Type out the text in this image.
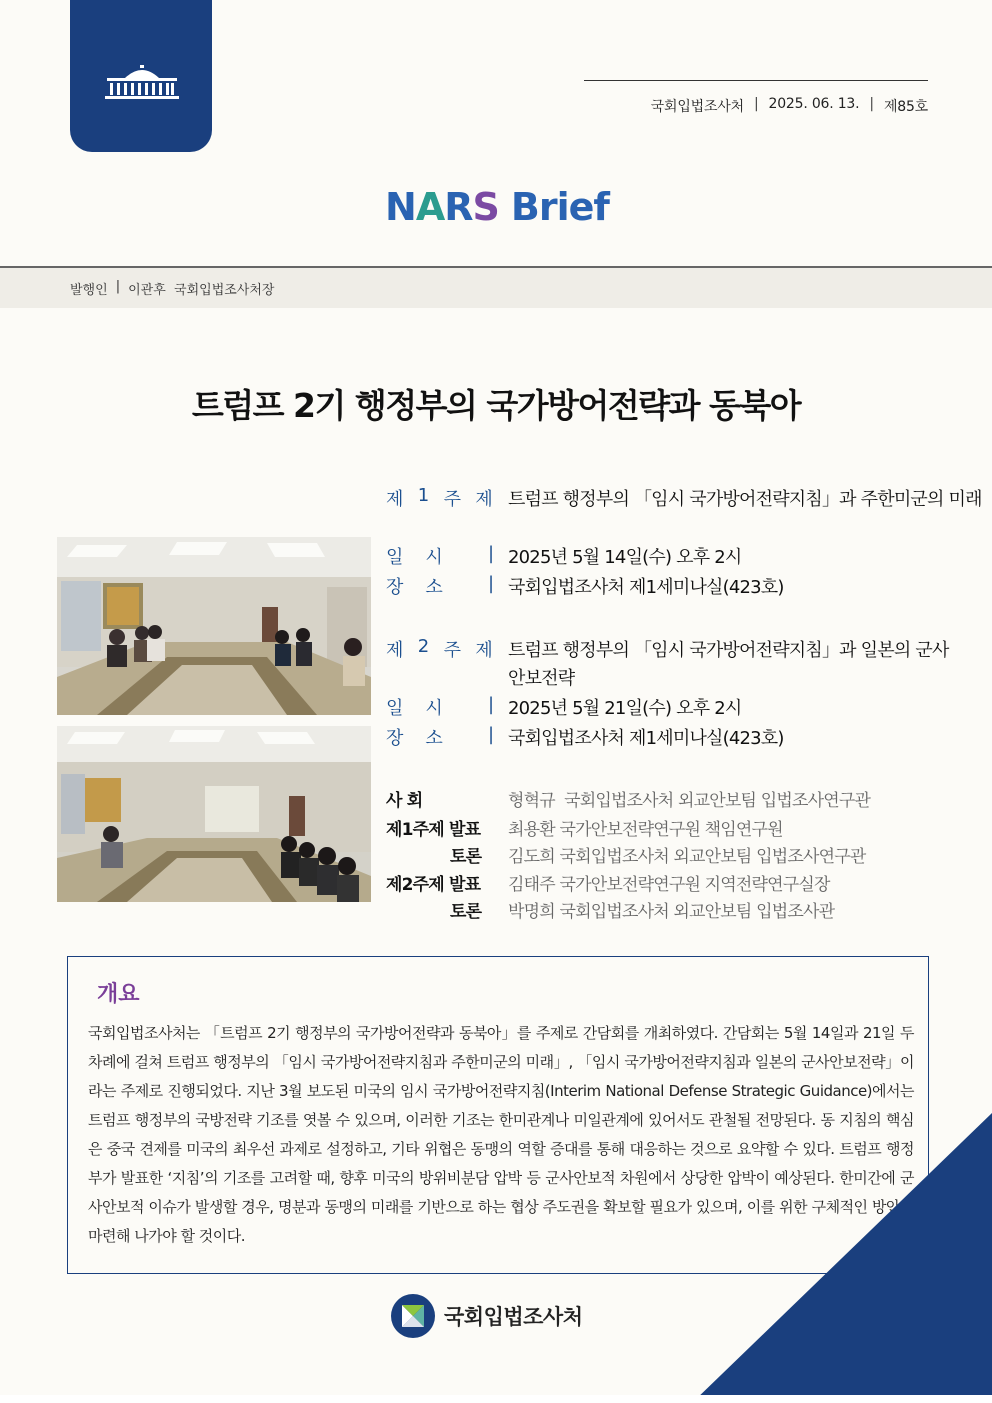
국회입법조사처 | 2025. 06. 13. | 제85호
N A R S Brief
발행인 | 이관후  국회입법조사처장
트럼프 2기 행정부의 국가방어전략과 동북아
제 1 주 제 트럼프 행정부의 「임시 국가방어전략지침」과 주한미군의 미래
일 시	| 2025년 5월 14일(수) 오후 2시
장 소	| 국회입법조사처 제1세미나실(423호)
제 2 주 제 트럼프 행정부의 「임시 국가방어전략지침」과 일본의 군사
안보전략
일 시	| 2025년 5월 21일(수) 오후 2시
장 소	| 국회입법조사처 제1세미나실(423호)
사 회	형혁규  국회입법조사처 외교안보팀 입법조사연구관
제1주제 발표 최용환 국가안보전략연구원 책임연구원
토론 김도희 국회입법조사처 외교안보팀 입법조사연구관
제2주제 발표 김태주 국가안보전략연구원 지역전략연구실장
토론 박명희 국회입법조사처 외교안보팀 입법조사관
개요

국회입법조사처는 「트럼프 2기 행정부의 국가방어전략과 동북아」를 주제로 간담회를 개최하였다. 간담회는 5월 14일과 21일 두 차례에 걸쳐 트럼프 행정부의 「임시 국가방어전략지침과 주한미군의 미래」, 「임시 국가방어전략지침과 일본의 군사안보전략」이라는 주제로 진행되었다. 지난 3월 보도된 미국의 임시 국가방어전략지침(Interim National Defense Strategic Guidance)에서는 트럼프 행정부의 국방전략 기조를 엿볼 수 있으며, 이러한 기조는 한미관계나 미일관계에 있어서도 관철될 전망된다. 동 지침의 핵심은 중국 견제를 미국의 최우선 과제로 설정하고, 기타 위협은 동맹의 역할 증대를 통해 대응하는 것으로 요약할 수 있다. 트럼프 행정부가 발표한 ‘지침’의 기조를 고려할 때, 향후 미국의 방위비분담 압박 등 군사안보적 차원에서 상당한 압박이 예상된다. 한미간에 군사안보적 이슈가 발생할 경우, 명분과 동맹의 미래를 기반으로 하는 협상 주도권을 확보할 필요가 있으며, 이를 위한 구체적인 방안을 마련해 나가야 할 것이다.

국회입법조사처
